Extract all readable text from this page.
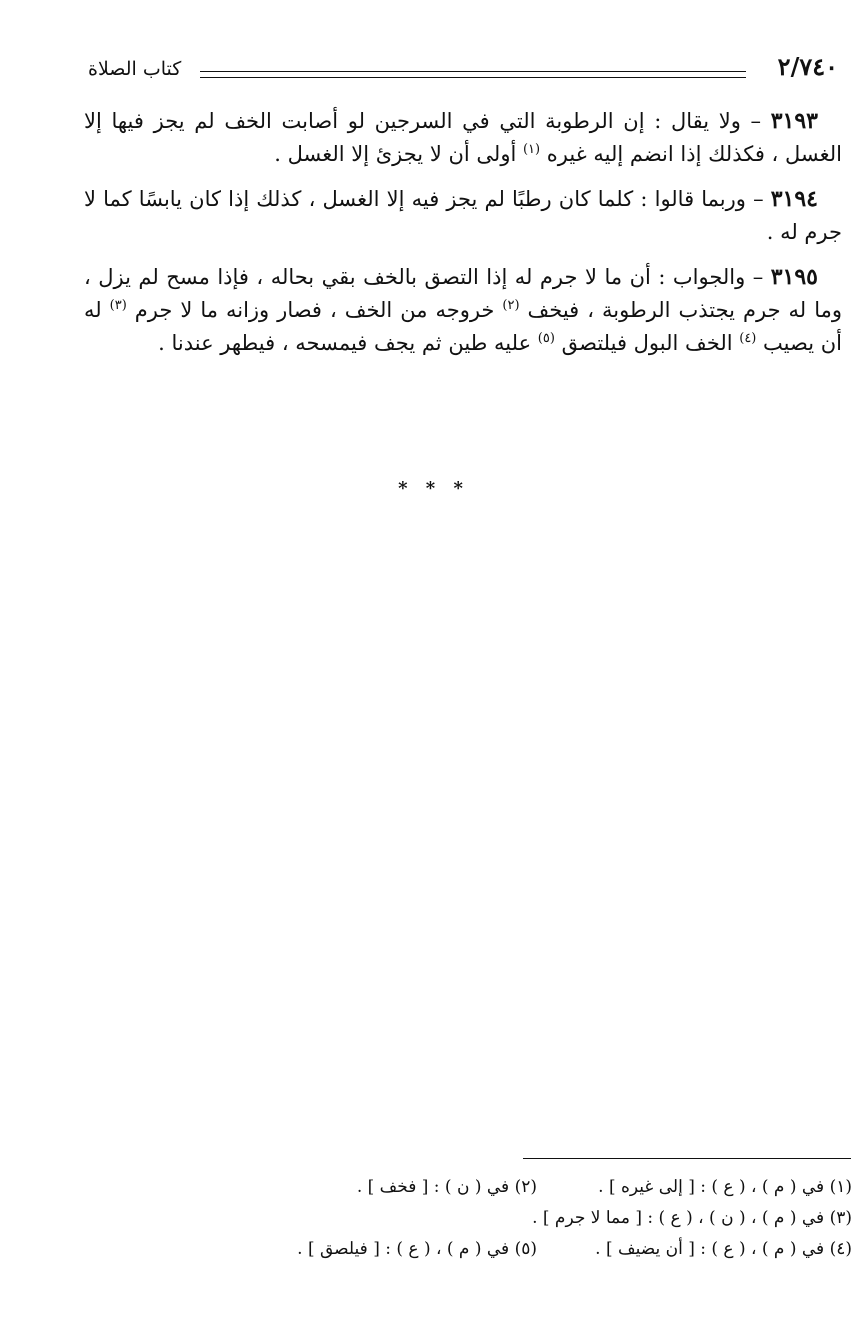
كتاب الصلاة	٢/٧٤٠

٣١٩٣ – ولا يقال : إن الرطوبة التي في السرجين لو أصابت الخف لم يجز فيها إلا الغسل ، فكذلك إذا انضم إليه غيره $^{(١)}$ أولى أن لا يجزئ إلا الغسل .

٣١٩٤ – وربما قالوا : كلما كان رطبًا لم يجز فيه إلا الغسل ، كذلك إذا كان يابسًا كما لا جرم له .

٣١٩٥ – والجواب : أن ما لا جرم له إذا التصق بالخف بقي بحاله ، فإذا مسح لم يزل ، وما له جرم يجتذب الرطوبة ، فيخف $^{(٢)}$ خروجه من الخف ، فصار وزانه ما لا جرم $^{(٣)}$ له أن يصيب $^{(٤)}$ الخف البول فيلتصق $^{(٥)}$ عليه طين ثم يجف فيمسحه ، فيطهر عندنا .

* * *
(١) في ( م ) ، ( ع ) : [ إلى غيره ] .
(٢) في ( ن ) : [ فخف ] .
(٣) في ( م ) ، ( ن ) ، ( ع ) : [ مما لا جرم ] .
(٤) في ( م ) ، ( ع ) : [ أن يضيف ] .
(٥) في ( م ) ، ( ع ) : [ فيلصق ] .
